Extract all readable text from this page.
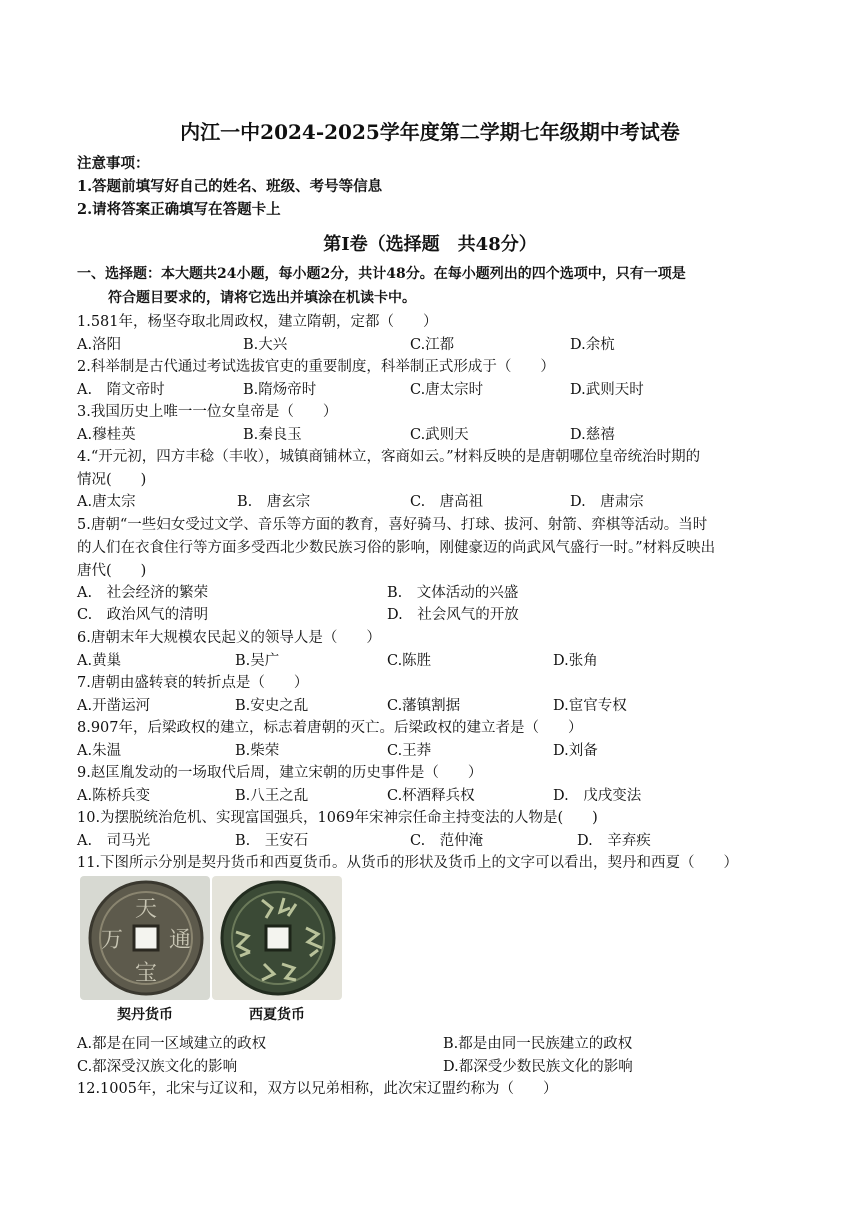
内江一中2024-2025学年度第二学期七年级期中考试卷
注意事项：
1.答题前填写好自己的姓名、班级、考号等信息
2.请将答案正确填写在答题卡上
第Ⅰ卷（选择题　共48分）
一、选择题：本大题共24小题，每小题2分，共计48分。在每小题列出的四个选项中，只有一项是
符合题目要求的，请将它选出并填涂在机读卡中。
1.581年，杨坚夺取北周政权，建立隋朝，定都（　　）
A.洛阳	B.大兴	C.江都	D.余杭
2.科举制是古代通过考试选拔官吏的重要制度，科举制正式形成于（　　）
A.　隋文帝时	B.隋炀帝时	C.唐太宗时	D.武则天时
3.我国历史上唯一一位女皇帝是（　　）
A.穆桂英	B.秦良玉	C.武则天	D.慈禧
4.“开元初，四方丰稔（丰收），城镇商铺林立，客商如云。”材料反映的是唐朝哪位皇帝统治时期的
情况(　　)
A.唐太宗	B.　唐玄宗	C.　唐高祖	D.　唐肃宗
5.唐朝“一些妇女受过文学、音乐等方面的教育，喜好骑马、打球、拔河、射箭、弈棋等活动。当时
的人们在衣食住行等方面多受西北少数民族习俗的影响，刚健豪迈的尚武风气盛行一时。”材料反映出
唐代(　　)
A.　社会经济的繁荣	B.　文体活动的兴盛
C.　政治风气的清明	D.　社会风气的开放
6.唐朝末年大规模农民起义的领导人是（　　）
A.黄巢	B.吴广	C.陈胜	D.张角
7.唐朝由盛转衰的转折点是（　　）
A.开凿运河	B.安史之乱	C.藩镇割据	D.宦官专权
8.907年，后梁政权的建立，标志着唐朝的灭亡。后梁政权的建立者是（　　）
A.朱温	B.柴荣	C.王莽	D.刘备
9.赵匡胤发动的一场取代后周，建立宋朝的历史事件是（　　）
A.陈桥兵变	B.八王之乱	C.杯酒释兵权	D.　戊戌变法
10.为摆脱统治危机、实现富国强兵，1069年宋神宗任命主持变法的人物是(　　)
A.　司马光	B.　王安石	C.　范仲淹	D.　辛弃疾
11.下图所示分别是契丹货币和西夏货币。从货币的形状及货币上的文字可以看出，契丹和西夏（　　）
天
万 通
宝
契丹货币	西夏货币
A.都是在同一区域建立的政权	B.都是由同一民族建立的政权
C.都深受汉族文化的影响	D.都深受少数民族文化的影响
12.1005年，北宋与辽议和，双方以兄弟相称，此次宋辽盟约称为（　　）
